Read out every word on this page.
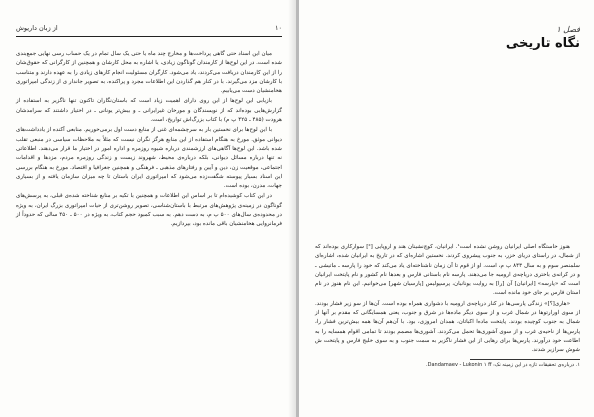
۱۰
از زبان داریوش

میان این اسناد حتی گاهی پرداخت‌ها و مخارج چند ماه یا حتی یک سال تمام در یک حساب رسی نهایی جمع‌بندی شده است. در این لوح‌ها از کارمندان گوناگون زیادی، یا اشاره به محل کارشان و همچنین از کارگرانی که حقوق‌شان را از این کارمندان دریافت می‌کردند، یاد می‌شود. کارگران مسئولیت انجام کارهای زیادی را به عهده دارند و متناسب با کارشان مزد می‌گیرند. با در کنار هم گذاردن این اطلاعات مجرد و پراکنده، به تصویر جاندار ی از زندگی امپراتوری هخامنشیان دست می‌یابیم.

بازیابی این لوح‌ها از این روی دارای اهمیت زیاد است که باستان‌نگاران تاکنون تنها ناگزیر به استفاده از گزارش‌هایی بوده‌اند که از نویسندگان و مورخان غیرایرانی ـ و بیش‌تر یونانی ـ در اختیار داشتند که سرامدشان هرودت (۴۸۵ ـ ۴۲۵ پ م) با کتاب بزرگ‌اش تواریخ، است.

با این لوح‌ها برای نخستین بار به سرچشمه‌ای غنی از منابع دست اول برمی‌خوریم. منابعی آکنده از یادداشت‌های دیوانی موثق. مورخ به هنگام استفاده از این منابع هرگز نگران نیست که مثلاً به ملاحظات سیاسی در منبعی تقلب شده باشد. این لوح‌ها آگاهی‌های ارزشمندی درباره شیوه روزمره و اداره امور در اختیار ما قرار می‌دهند. اطلاعاتی نه تنها درباره مسائل دیوانی، بلکه درباره‌ی محیط، شهروند زیست و زندگی روزمره مردم، مزدها و اقدامات اجتماعی، موقعیت زن، دین و آیین و رفتارهای مذهبی ـ فرهنگی و همچنین جغرافیا و اقتصاد. مورخ به هنگام بررسی این اسناد بسیار پیوسته شگفت‌زده می‌شود که امپراتوری ایران باستان تا چه میزان سازمان یافته و از بسیاری جهات، مدرن، بوده است.

در این کتاب کوشیده‌ام تا بر اساس این اطلاعات و همچنین با تکیه بر منابع شناخته شده‌ی قبلی، به پرسش‌های گوناگون در زمینه‌ی پژوهش‌های مرتبط با باستان‌شناسی، تصویر روشن‌تری از حیات امپراتوری بزرگ ایران، به ویژه در محدوده‌ی سال‌های ۵۰۰ پ م، به دست دهم. به سبب کمبود حجم کتاب، به ویژه در ۵۰۰ ـ ۴۵۰ سالی که حدوداً از فرمانروایی هخامنشیان باقی مانده بود، بپردازیم.

فصل ۱
نگاه تاریخی

هنوز خاستگاه اصلی ایرانیان روشن نشده است¹. ایرانیان، کوچ‌نشینان هند و اروپایی [²] سوارکاری بوده‌اند که از شمال، در راستای دریای خزر، به جنوب پیشروی کردند. نخستین اشاره‌ای که در تاریخ به ایرانیان شده، اشاره‌ای سلمنصر سوم و به سال ۸۴۳ پ م، است. او از قوم تا آن زمان ناشناخته‌ای یاد می‌کند که خود را پارسه ـ ماتیشی ـ و در کرانه‌ی باختری دریاچه‌ی ارومیه جا می‌دهند. پارسه نام باستانی فارس و بعدها نام کشور و نام پایتخت ایرانیان است که «پارسه» [ایرانیان] آن [را] به روایت یونانیان، پرسپولیس [پارسیان شهر] می‌خوانیم. این نام هنوز در نام استان فارس بر جای خود مانده است.

«هاری[؟]» زندگی پارسی‌ها در کنار دریاچه‌ی ارومیه با دشواری همراه بوده است. آن‌ها از سو زیر فشار بودند. از سوی اورارتوها در شمال غرب و از سوی دیگر ماده‌ها در شرق و جنوب، یعنی همسایگانی که مقدم بر آنها از شمال به جنوب کوچیده بودند. پایتخت ماده‌ا اکباتان، همدان امروزی، بود. با آن‌هم آن‌ها همه بیش‌ترین فشار را، پارس‌ها از ناحیه‌ی غرب و از سوی آشوری‌ها تحمل می‌کردند. آشوری‌ها مصمم بودند تا تمامی اقوام همسایه را به اطاعت خود درآورند. پارس‌ها برای رهایی از این فشار ناگزیر به سمت جنوب و به سوی خلیج فارس و پایتخت ش شوش سرازیر شدند.

۱. درباره‌ی تحقیقات تازه در این زمینه نک: Dandamaev - Lukonin ۱ ff.
